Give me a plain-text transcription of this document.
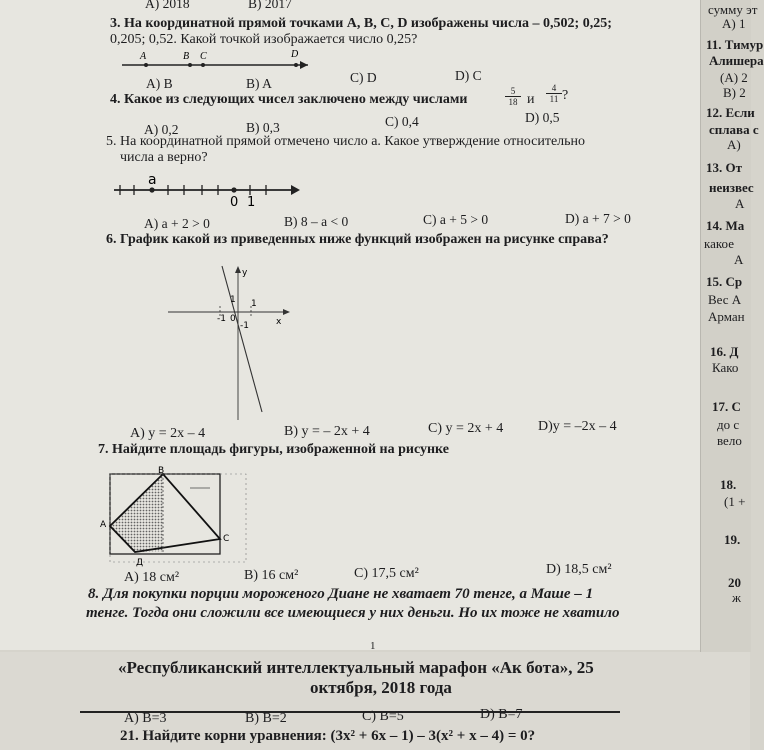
A) 2018	B) 2017
3. На координатной прямой точками A, B, C, D изображены числа – 0,502; 0,25;
0,205; 0,52. Какой точкой изображается число 0,25?
A	B C	D
A) B	B) A	C) D	D) C
4. Какое из следующих чисел заключено между числами	$\frac{5}{18}$ и $\frac{4}{11}$ ?
A) 0,2	B) 0,3	C) 0,4	D) 0,5
5. На координатной прямой отмечено число a. Какое утверждение относительно
числа a верно?
a
0 1
A) a + 2 > 0	B) 8 – a < 0	C) a + 5 > 0	D) a + 7 > 0
6. График какой из приведенных ниже функций изображен на рисунке справа?
y
x
1 1
-1 0
-1
A) y = 2x – 4	B) y = – 2x + 4	C) y = 2x + 4 D)y = –2x – 4
7. Найдите площадь фигуры, изображенной на рисунке
В
А
С
Д
A) 18 см²	B) 16 см²	C) 17,5 см²	D) 18,5 см²
8. Для покупки порции мороженого Диане не хватает 70 тенге, а Маше – 1
тенге. Тогда они сложили все имеющиеся у них деньги. Но их тоже не хватило
1
сумму эт
A) 1
11. Тимур
Алишера
(A) 2
B) 2
12. Если
сплава с
A)
13. От
неизвес
A
14. Ма
какое
A
15. Ср
Вес A
Арман
16. Д
Како
17. С
до с
вело
18.
(1 +
19.
20
ж
«Республиканский интеллектуальный марафон «Ак бота», 25
октября, 2018 года
A) B=3	B) B=2	C) B=5	D) B=7
21. Найдите корни уравнения: (3x² + 6x – 1) – 3(x² + x – 4) = 0?
